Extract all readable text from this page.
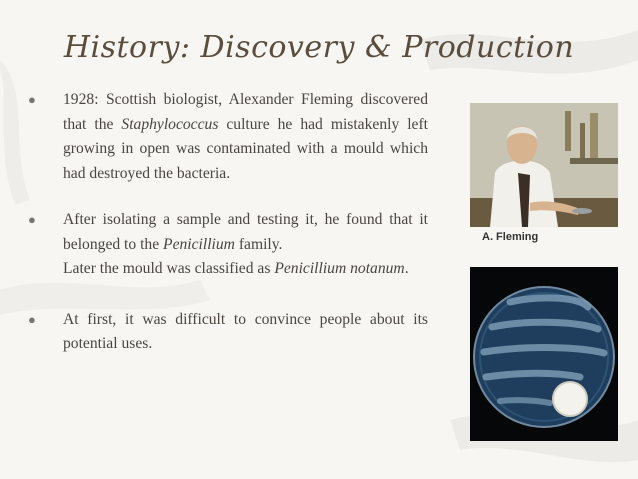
History: Discovery & Production
● 1928: Scottish biologist, Alexander Fleming discovered that the Staphylococcus culture he had mistakenly left growing in open was contaminated with a mould which had destroyed the bacteria.

● After isolating a sample and testing it, he found that it belonged to the Penicillium family.

Later the mould was classified as Penicillium notanum.

● At first, it was difficult to convince people about its potential uses.

A. Fleming
